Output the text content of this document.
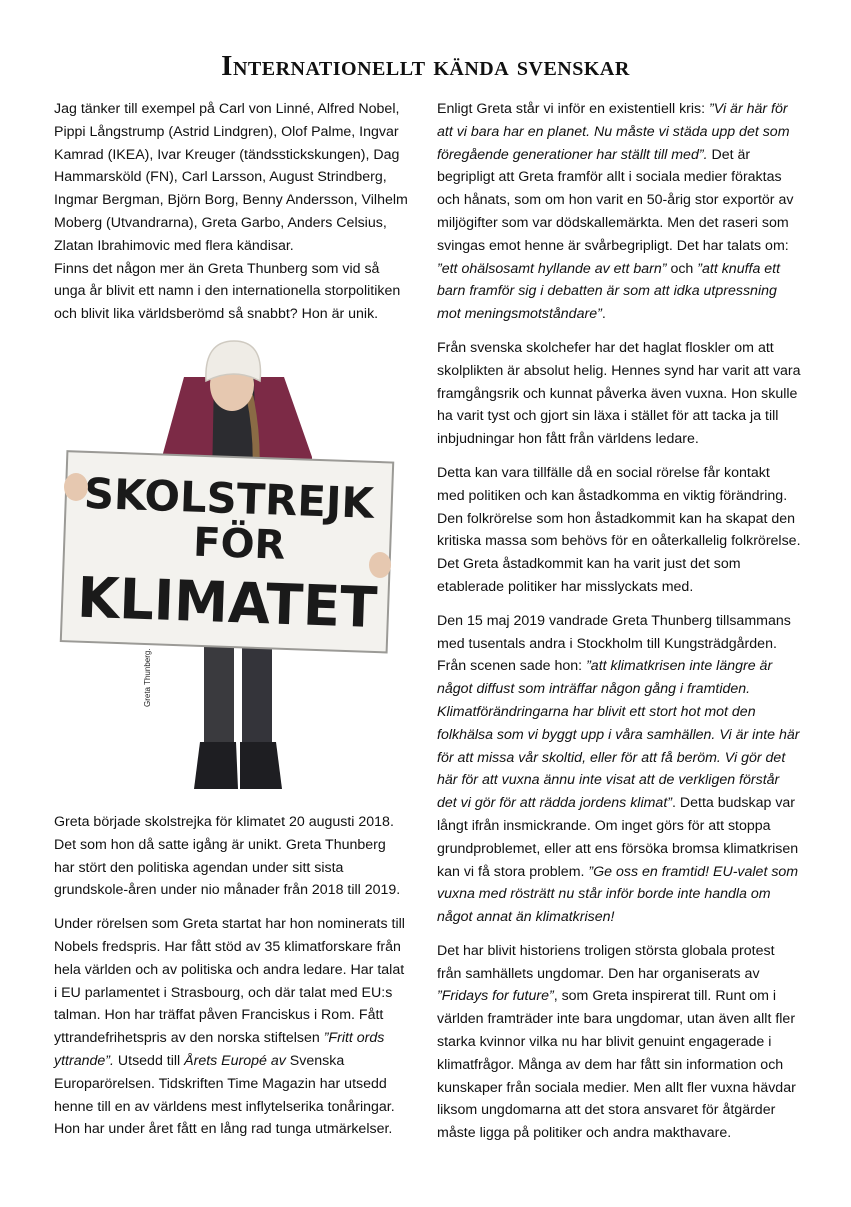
Internationellt kända svenskar

Jag tänker till exempel på Carl von Linné, Alfred Nobel, Pippi Långstrump (Astrid Lindgren), Olof Palme, Ingvar Kamrad (IKEA), Ivar Kreuger (tändsstickskungen), Dag Hammarsköld (FN), Carl Larsson, August Strindberg, Ingmar Bergman, Björn Borg, Benny Andersson, Vilhelm Moberg (Utvandrarna), Greta Garbo, Anders Celsius, Zlatan Ibrahimovic med flera kändisar.
Finns det någon mer än Greta Thunberg som vid så unga år blivit ett namn i den internationella storpolitiken och blivit lika världsberömd så snabbt? Hon är unik.

SKOLSTREJK
FÖR
KLIMATET
Greta Thunberg.

Greta började skolstrejka för klimatet 20 augusti 2018. Det som hon då satte igång är unikt. Greta Thunberg har stört den politiska agendan under sitt sista grundskole-åren under nio månader från 2018 till 2019.

Under rörelsen som Greta startat har hon nominerats till Nobels fredspris. Har fått stöd av 35 klimatforskare från hela världen och av politiska och andra ledare. Har talat i EU parlamentet i Strasbourg, och där talat med EU:s talman. Hon har träffat påven Franciskus i Rom. Fått yttrandefrihetspris av den norska stiftelsen ”Fritt ords yttrande”. Utsedd till Årets Europé av Svenska Europarörelsen. Tidskriften Time Magazin har utsedd henne till en av världens mest inflytelserika tonåringar. Hon har under året fått en lång rad tunga utmärkelser.

Enligt Greta står vi inför en existentiell kris: ”Vi är här för att vi bara har en planet. Nu måste vi städa upp det som föregående generationer har ställt till med”. Det är begripligt att Greta framför allt i sociala medier föraktas och hånats, som om hon varit en 50-årig stor exportör av miljögifter som var dödskallemärkta. Men det raseri som svingas emot henne är svårbegripligt. Det har talats om: ”ett ohälsosamt hyllande av ett barn” och ”att knuffa ett barn framför sig i debatten är som att idka utpressning mot meningsmotståndare”.

Från svenska skolchefer har det haglat floskler om att skolplikten är absolut helig. Hennes synd har varit att vara framgångsrik och kunnat påverka även vuxna. Hon skulle ha varit tyst och gjort sin läxa i stället för att tacka ja till inbjudningar hon fått från världens ledare.

Detta kan vara tillfälle då en social rörelse får kontakt med politiken och kan åstadkomma en viktig förändring. Den folkrörelse som hon åstadkommit kan ha skapat den kritiska massa som behövs för en oåterkallelig folkrörelse. Det Greta åstadkommit kan ha varit just det som etablerade politiker har misslyckats med.

Den 15 maj 2019 vandrade Greta Thunberg tillsammans med tusentals andra i Stockholm till Kungsträdgården. Från scenen sade hon: ”att klimatkrisen inte längre är något diffust som inträffar någon gång i framtiden. Klimatförändringarna har blivit ett stort hot mot den folkhälsa som vi byggt upp i våra samhällen. Vi är inte här för att missa vår skoltid, eller för att få beröm. Vi gör det här för att vuxna ännu inte visat att de verkligen förstår det vi gör för att rädda jordens klimat”. Detta budskap var långt ifrån insmickrande. Om inget görs för att stoppa grundproblemet, eller att ens försöka bromsa klimatkrisen kan vi få stora problem. ”Ge oss en framtid! EU-valet som vuxna med rösträtt nu står inför borde inte handla om något annat än klimatkrisen!

Det har blivit historiens troligen största globala protest från samhällets ungdomar. Den har organiserats av ”Fridays for future”, som Greta inspirerat till. Runt om i världen framträder inte bara ungdomar, utan även allt fler starka kvinnor vilka nu har blivit genuint engagerade i klimatfrågor. Många av dem har fått sin information och kunskaper från sociala medier. Men allt fler vuxna hävdar liksom ungdomarna att det stora ansvaret för åtgärder måste ligga på politiker och andra makthavare.
